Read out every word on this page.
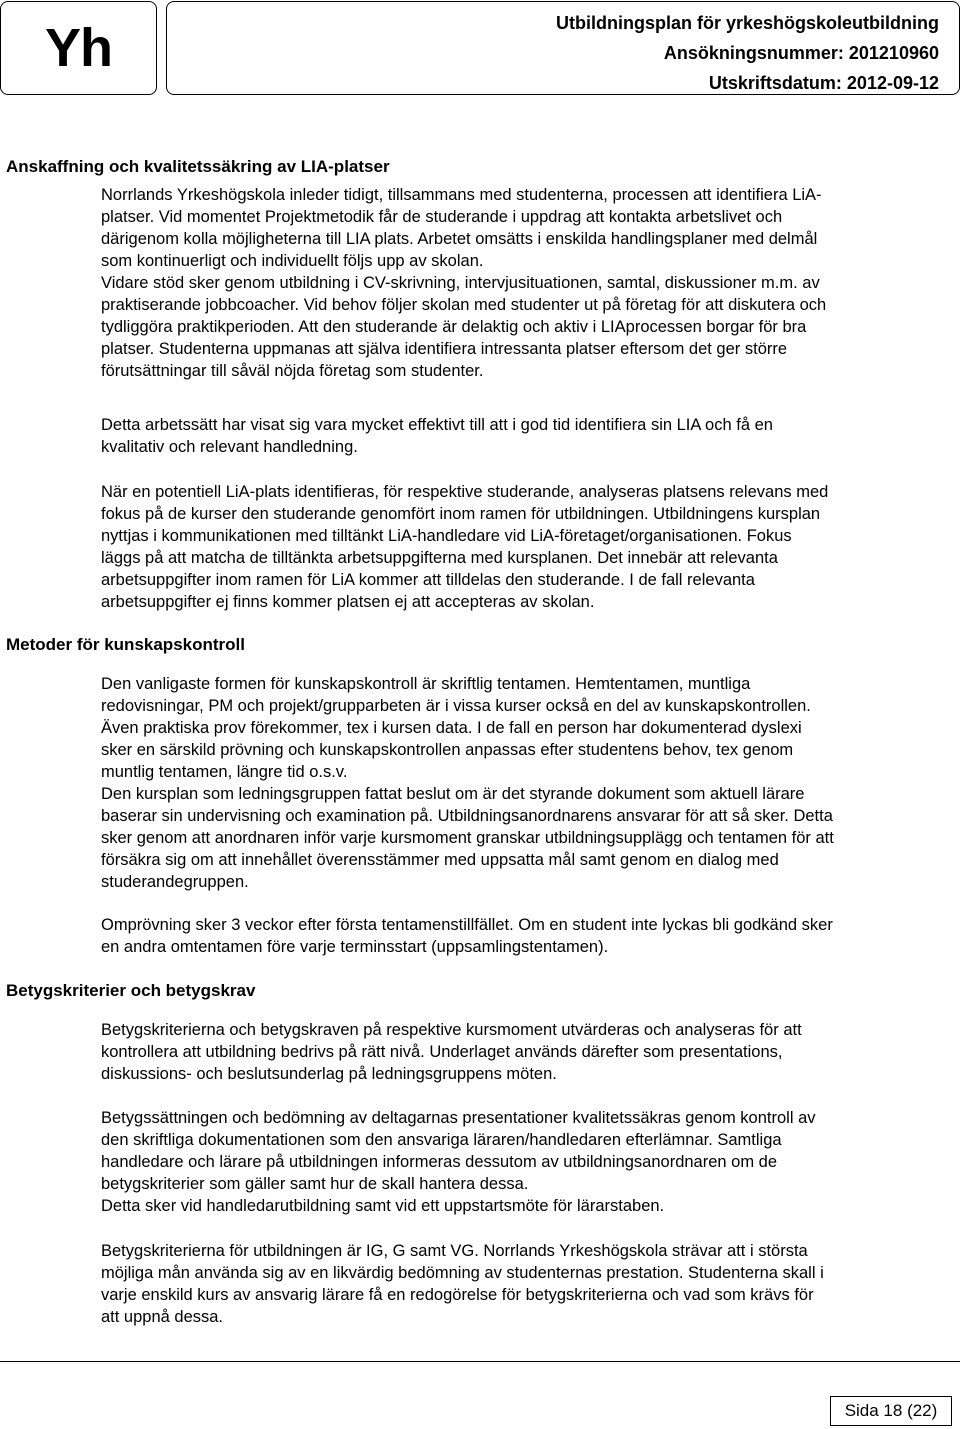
Yh	Utbildningsplan för yrkeshögskoleutbildning
Ansökningsnummer: 201210960
Utskriftsdatum: 2012-09-12
Anskaffning och kvalitetssäkring av LIA-platser
Norrlands Yrkeshögskola inleder tidigt, tillsammans med studenterna, processen att identifiera LiA-
platser. Vid momentet Projektmetodik får de studerande i uppdrag att kontakta arbetslivet och
därigenom kolla möjligheterna till LIA plats. Arbetet omsätts i enskilda handlingsplaner med delmål
som kontinuerligt och individuellt följs upp av skolan.
Vidare stöd sker genom utbildning i CV-skrivning, intervjusituationen, samtal, diskussioner m.m. av
praktiserande jobbcoacher. Vid behov följer skolan med studenter ut på företag för att diskutera och
tydliggöra praktikperioden. Att den studerande är delaktig och aktiv i LIAprocessen borgar för bra
platser. Studenterna uppmanas att själva identifiera intressanta platser eftersom det ger större
förutsättningar till såväl nöjda företag som studenter.
Detta arbetssätt har visat sig vara mycket effektivt till att i god tid identifiera sin LIA och få en
kvalitativ och relevant handledning.
När en potentiell LiA-plats identifieras, för respektive studerande, analyseras platsens relevans med
fokus på de kurser den studerande genomfört inom ramen för utbildningen. Utbildningens kursplan
nyttjas i kommunikationen med tilltänkt LiA-handledare vid LiA-företaget/organisationen. Fokus
läggs på att matcha de tilltänkta arbetsuppgifterna med kursplanen. Det innebär att relevanta
arbetsuppgifter inom ramen för LiA kommer att tilldelas den studerande. I de fall relevanta
arbetsuppgifter ej finns kommer platsen ej att accepteras av skolan.
Metoder för kunskapskontroll
Den vanligaste formen för kunskapskontroll är skriftlig tentamen. Hemtentamen, muntliga
redovisningar, PM och projekt/grupparbeten är i vissa kurser också en del av kunskapskontrollen.
Även praktiska prov förekommer, tex i kursen data. I de fall en person har dokumenterad dyslexi
sker en särskild prövning och kunskapskontrollen anpassas efter studentens behov, tex genom
muntlig tentamen, längre tid o.s.v.
Den kursplan som ledningsgruppen fattat beslut om är det styrande dokument som aktuell lärare
baserar sin undervisning och examination på. Utbildningsanordnarens ansvarar för att så sker. Detta
sker genom att anordnaren inför varje kursmoment granskar utbildningsupplägg och tentamen för att
försäkra sig om att innehållet överensstämmer med uppsatta mål samt genom en dialog med
studerandegruppen.
Omprövning sker 3 veckor efter första tentamenstillfället. Om en student inte lyckas bli godkänd sker
en andra omtentamen före varje terminsstart (uppsamlingstentamen).
Betygskriterier och betygskrav
Betygskriterierna och betygskraven på respektive kursmoment utvärderas och analyseras för att
kontrollera att utbildning bedrivs på rätt nivå. Underlaget används därefter som presentations,
diskussions- och beslutsunderlag på ledningsgruppens möten.
Betygssättningen och bedömning av deltagarnas presentationer kvalitetssäkras genom kontroll av
den skriftliga dokumentationen som den ansvariga läraren/handledaren efterlämnar. Samtliga
handledare och lärare på utbildningen informeras dessutom av utbildningsanordnaren om de
betygskriterier som gäller samt hur de skall hantera dessa.
Detta sker vid handledarutbildning samt vid ett uppstartsmöte för lärarstaben.
Betygskriterierna för utbildningen är IG, G samt VG. Norrlands Yrkeshögskola strävar att i största
möjliga mån använda sig av en likvärdig bedömning av studenternas prestation. Studenterna skall i
varje enskild kurs av ansvarig lärare få en redogörelse för betygskriterierna och vad som krävs för
att uppnå dessa.
Sida 18 (22)
